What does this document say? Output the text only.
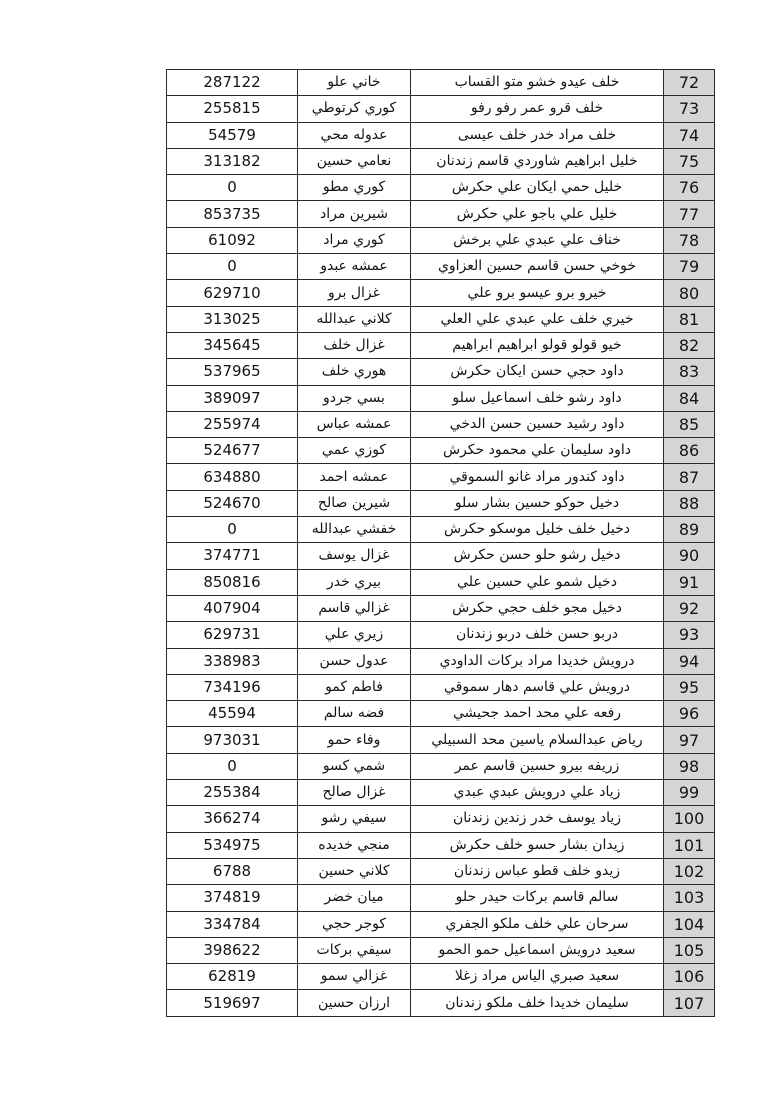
72	خلف عيدو خشو متو القساب	خاني علو	287122
73	خلف قرو عمر رفو رفو	كوري كرتوطي	255815
74	خلف مراد خدر خلف عيسى	عدوله محي	54579
75	خليل ابراهيم شاوردي قاسم زندنان	نعامي حسين	313182
76	خليل حمي ايكان علي حكرش	كوري مطو	0
77	خليل علي باجو علي حكرش	شيرين مراد	853735
78	خناف علي عبدي علي برخش	كوري مراد	61092
79	خوخي حسن قاسم حسين العزاوي	عمشه عبدو	0
80	خيرو برو عيسو برو علي	غزال برو	629710
81	خيري خلف علي عبدي علي العلي	كلاني عبدالله	313025
82	خيو قولو قولو ابراهيم ابراهيم	غزال خلف	345645
83	داود حجي حسن ايكان حكرش	هوري خلف	537965
84	داود رشو خلف اسماعيل سلو	بسي جردو	389097
85	داود رشيد حسين حسن الدخي	عمشه عباس	255974
86	داود سليمان علي محمود حكرش	كوزي عمي	524677
87	داود كندور مراد غانو السموقي	عمشه احمد	634880
88	دخيل حوكو حسين بشار سلو	شيرين صالح	524670
89	دخيل خلف خليل موسكو حكرش	خفشي عبدالله	0
90	دخيل رشو حلو حسن حكرش	غزال يوسف	374771
91	دخيل شمو علي حسين علي	بيري خدر	850816
92	دخيل مجو خلف حجي حكرش	غزالي قاسم	407904
93	دربو حسن خلف دربو زندنان	زيري علي	629731
94	درويش خديدا مراد بركات الداودي	عدول حسن	338983
95	درويش علي قاسم دهار سموقي	فاطم كمو	734196
96	رفعه علي محد احمد جحيشي	فضه سالم	45594
97	رياض عبدالسلام ياسين محد السبيلي	وفاء حمو	973031
98	زريفه بيرو حسين قاسم عمر	شمي كسو	0
99	زياد علي درويش عبدي عبدي	غزال صالح	255384
100	زياد يوسف خدر زندين زندنان	سيفي رشو	366274
101	زيدان بشار حسو خلف حكرش	منجي خديده	534975
102	زيدو خلف قطو عباس زندنان	كلاني حسين	6788
103	سالم قاسم بركات حيدر حلو	ميان خضر	374819
104	سرحان علي خلف ملكو الجفري	كوجر حجي	334784
105	سعيد درويش اسماعيل حمو الحمو	سيفي بركات	398622
106	سعيد صبري الياس مراد زغلا	غزالي سمو	62819
107	سليمان خديدا خلف ملكو زندنان	ارزان حسين	519697
